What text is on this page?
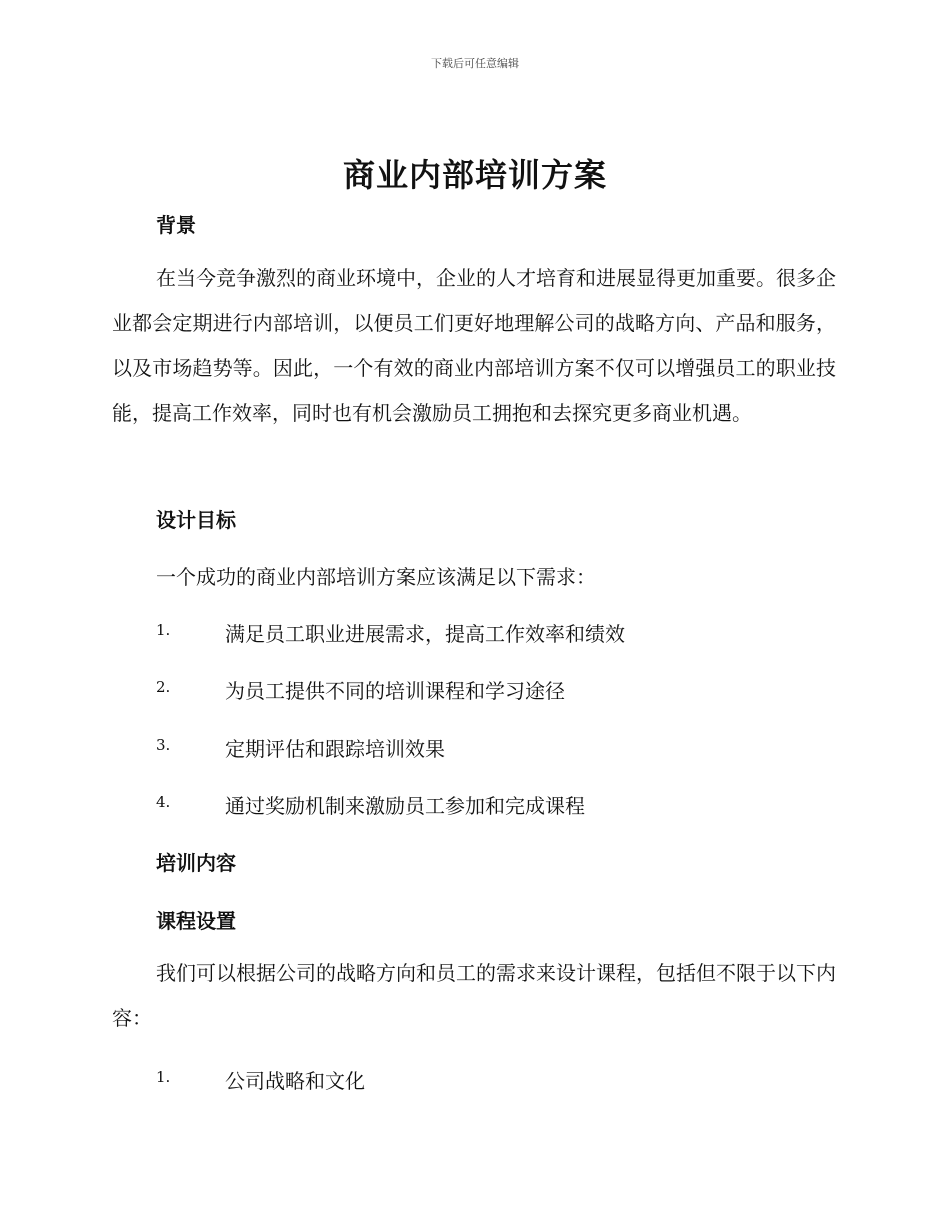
下载后可任意编辑
商业内部培训方案
背景

在当今竞争激烈的商业环境中，企业的人才培育和进展显得更加重要。很多企业都会定期进行内部培训，以便员工们更好地理解公司的战略方向、产品和服务，以及市场趋势等。因此，一个有效的商业内部培训方案不仅可以增强员工的职业技能，提高工作效率，同时也有机会激励员工拥抱和去探究更多商业机遇。

设计目标

一个成功的商业内部培训方案应该满足以下需求：

1.	满足员工职业进展需求，提高工作效率和绩效
2.	为员工提供不同的培训课程和学习途径
3.	定期评估和跟踪培训效果
4.	通过奖励机制来激励员工参加和完成课程
培训内容
课程设置

我们可以根据公司的战略方向和员工的需求来设计课程，包括但不限于以下内容：

1.	公司战略和文化
